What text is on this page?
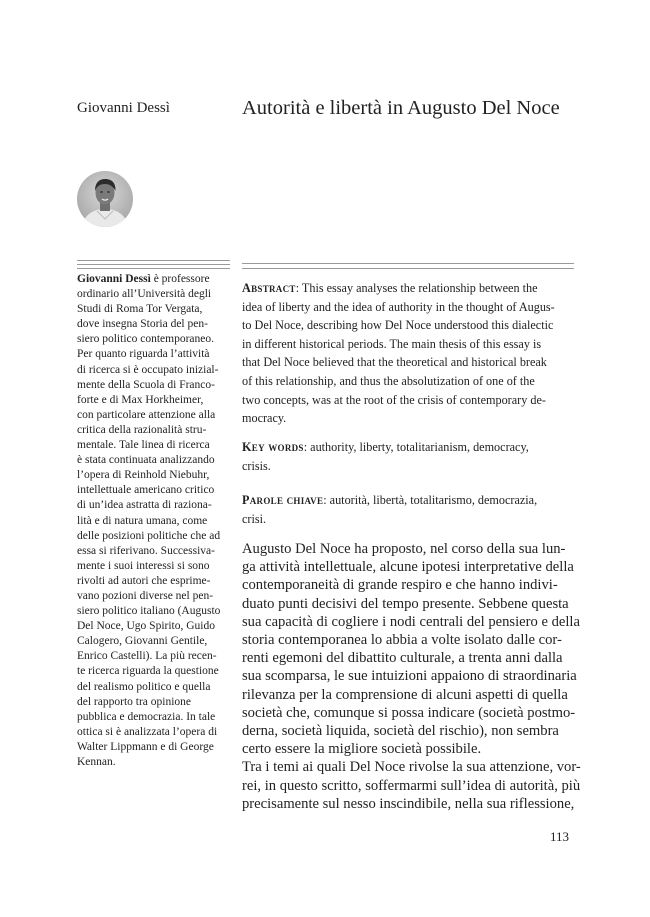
Giovanni Dessì	Autorità e libertà in Augusto Del Noce
Giovanni Dessì è professore
ordinario all’Università degli
Studi di Roma Tor Vergata,
dove insegna Storia del pen-
siero politico contemporaneo.
Per quanto riguarda l’attività
di ricerca si è occupato inizial-
mente della Scuola di Franco-
forte e di Max Horkheimer,
con particolare attenzione alla
critica della razionalità stru-
mentale. Tale linea di ricerca
è stata continuata analizzando
l’opera di Reinhold Niebuhr,
intellettuale americano critico
di un’idea astratta di raziona-
lità e di natura umana, come
delle posizioni politiche che ad
essa si riferivano. Successiva-
mente i suoi interessi si sono
rivolti ad autori che esprime-
vano pozioni diverse nel pen-
siero politico italiano (Augusto
Del Noce, Ugo Spirito, Guido
Calogero, Giovanni Gentile,
Enrico Castelli). La più recen-
te ricerca riguarda la questione
del realismo politico e quella
del rapporto tra opinione
pubblica e democrazia. In tale
ottica si è analizzata l’opera di
Walter Lippmann e di George
Kennan.
Abstract: This essay analyses the relationship between the
idea of liberty and the idea of authority in the thought of Augus-
to Del Noce, describing how Del Noce understood this dialectic
in different historical periods. The main thesis of this essay is
that Del Noce believed that the theoretical and historical break
of this relationship, and thus the absolutization of one of the
two concepts, was at the root of the crisis of contemporary de-
mocracy.
Key words: authority, liberty, totalitarianism, democracy,
crisis.
Parole chiave: autorità, libertà, totalitarismo, democrazia,
crisi.
Augusto Del Noce ha proposto, nel corso della sua lun-
ga attività intellettuale, alcune ipotesi interpretative della
contemporaneità di grande respiro e che hanno indivi-
duato punti decisivi del tempo presente. Sebbene questa
sua capacità di cogliere i nodi centrali del pensiero e della
storia contemporanea lo abbia a volte isolato dalle cor-
renti egemoni del dibattito culturale, a trenta anni dalla
sua scomparsa, le sue intuizioni appaiono di straordinaria
rilevanza per la comprensione di alcuni aspetti di quella
società che, comunque si possa indicare (società postmo-
derna, società liquida, società del rischio), non sembra
certo essere la migliore società possibile.
Tra i temi ai quali Del Noce rivolse la sua attenzione, vor-
rei, in questo scritto, soffermarmi sull’idea di autorità, più
precisamente sul nesso inscindibile, nella sua riflessione,
113
